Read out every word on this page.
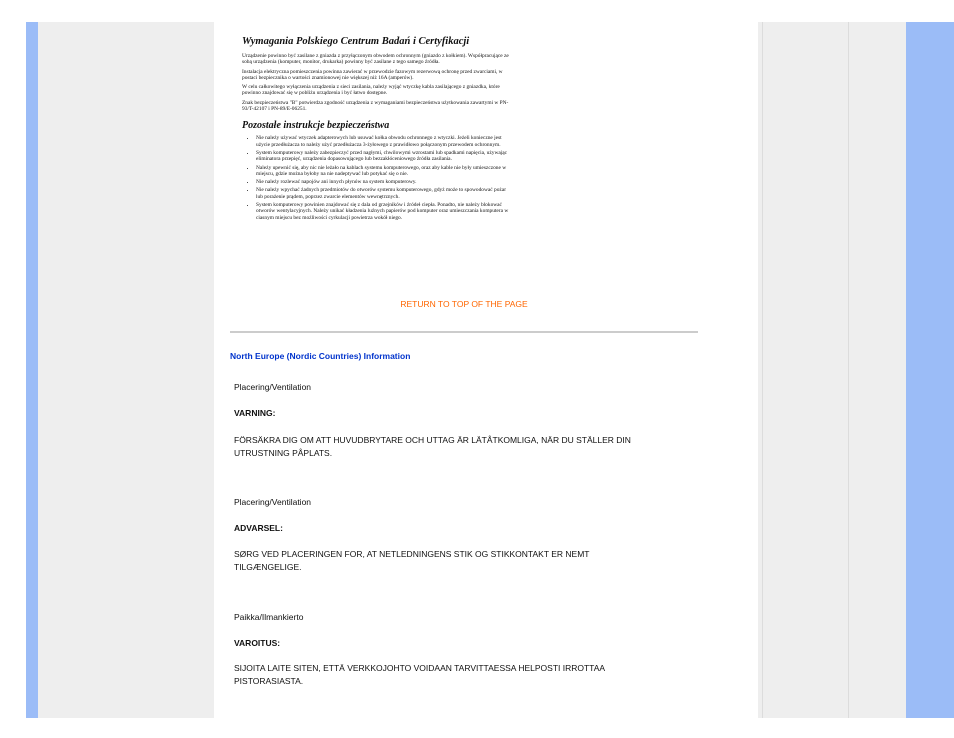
Wymagania Polskiego Centrum Badań i Certyfikacji

Urządzenie powinno być zasilane z gniazda z przyłączonym obwodem ochronnym (gniazdo z kołkiem). Współpracujące ze sobą urządzenia (komputer, monitor, drukarka) powinny być zasilane z tego samego źródła.

Instalacja elektryczna pomieszczenia powinna zawierać w przewodzie fazowym rezerwową ochronę przed zwarciami, w postaci bezpiecznika o wartości znamionowej nie większej niż 16A (amperów).

W celu całkowitego wyłączenia urządzenia z sieci zasilania, należy wyjąć wtyczkę kabla zasilającego z gniazdka, które powinno znajdować się w pobliżu urządzenia i być łatwo dostępne.

Znak bezpieczeństwa "B" potwierdza zgodność urządzenia z wymaganiami bezpieczeństwa użytkowania zawartymi w PN-93/T-42107 i PN-89/E-06251.

Pozostałe instrukcje bezpieczeństwa
• Nie należy używać wtyczek adapterowych lub usuwać kołka obwodu ochronnego z wtyczki. Jeżeli konieczne jest użycie przedłużacza to należy użyć przedłużacza 3-żyłowego z prawidłowo połączonym przewodem ochronnym.
• System komputerowy należy zabezpieczyć przed nagłymi, chwilowymi wzrostami lub spadkami napięcia, używając eliminatora przepięć, urządzenia dopasowującego lub bezzakłóceniowego źródła zasilania.
• Należy upewnić się, aby nic nie leżało na kablach systemu komputerowego, oraz aby kable nie były umieszczone w miejscu, gdzie można byłoby na nie nadeptywać lub potykać się o nie.
• Nie należy rozlewać napojów ani innych płynów na system komputerowy.
• Nie należy wpychać żadnych przedmiotów do otworów systemu komputerowego, gdyż może to spowodować pożar lub porażenie prądem, poprzez zwarcie elementów wewnętrznych.
• System komputerowy powinien znajdować się z dala od grzejników i źródeł ciepła. Ponadto, nie należy blokować otworów wentylacyjnych. Należy unikać kładzenia luźnych papierów pod komputer oraz umieszczania komputera w ciasnym miejscu bez możliwości cyrkulacji powietrza wokół niego.
RETURN TO TOP OF THE PAGE
North Europe (Nordic Countries) Information
Placering/Ventilation
VARNING:
FÖRSÄKRA DIG OM ATT HUVUDBRYTARE OCH UTTAG ÄR LÄTÅTKOMLIGA, NÄR DU STÄLLER DIN UTRUSTNING PÅPLATS.
Placering/Ventilation
ADVARSEL:
SØRG VED PLACERINGEN FOR, AT NETLEDNINGENS STIK OG STIKKONTAKT ER NEMT TILGÆNGELIGE.
Paikka/Ilmankierto
VAROITUS:
SIJOITA LAITE SITEN, ETTÄ VERKKOJOHTO VOIDAAN TARVITTAESSA HELPOSTI IRROTTAA PISTORASIASTA.
